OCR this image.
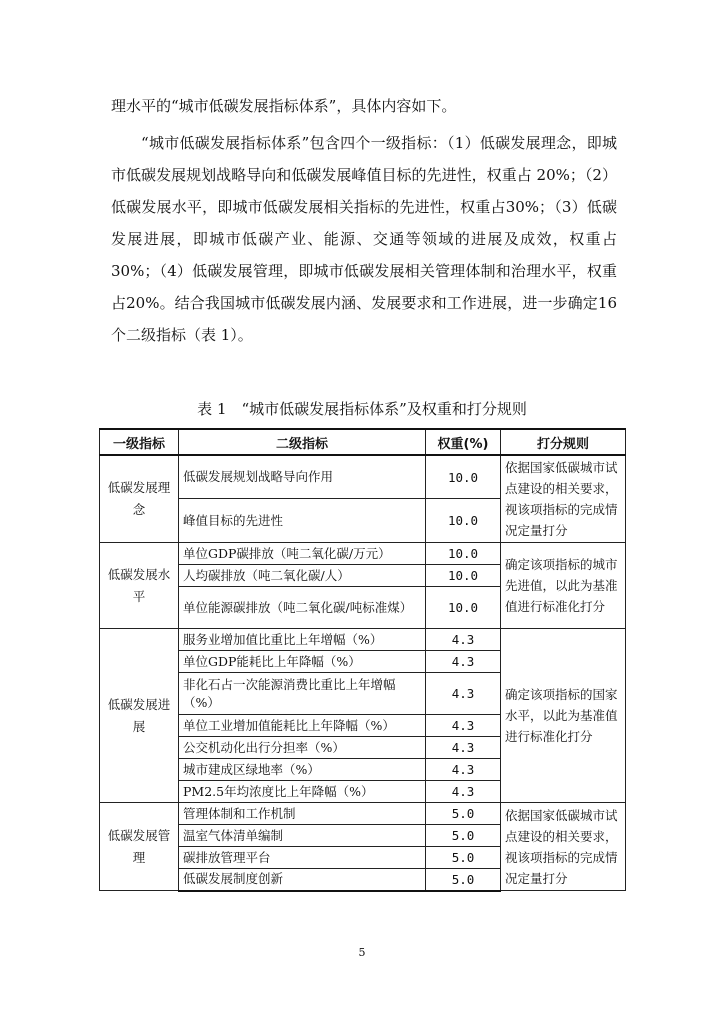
理水平的“城市低碳发展指标体系”，具体内容如下。

“城市低碳发展指标体系”包含四个一级指标：（1）低碳发展理念，即城市低碳发展规划战略导向和低碳发展峰值目标的先进性，权重占 20%；（2）低碳发展水平，即城市低碳发展相关指标的先进性，权重占30%；（3）低碳发展进展，即城市低碳产业、能源、交通等领域的进展及成效，权重占30%；（4）低碳发展管理，即城市低碳发展相关管理体制和治理水平，权重占20%。结合我国城市低碳发展内涵、发展要求和工作进展，进一步确定16 个二级指标（表 1）。

表 1　“城市低碳发展指标体系”及权重和打分规则
一级指标	二级指标	权重(%)	打分规则
低碳发展理念	低碳发展规划战略导向作用	10.0	依据国家低碳城市试点建设的相关要求，视该项指标的完成情况定量打分
	峰值目标的先进性	10.0	
低碳发展水平	单位GDP碳排放（吨二氧化碳/万元）	10.0	确定该项指标的城市先进值，以此为基准值进行标准化打分
	人均碳排放（吨二氧化碳/人）	10.0	
	单位能源碳排放（吨二氧化碳/吨标准煤）	10.0	
低碳发展进展	服务业增加值比重比上年增幅（%）	4.3	确定该项指标的国家水平，以此为基准值进行标准化打分
	单位GDP能耗比上年降幅（%）	4.3	
	非化石占一次能源消费比重比上年增幅（%）	4.3	
	单位工业增加值能耗比上年降幅（%）	4.3	
	公交机动化出行分担率（%）	4.3	
	城市建成区绿地率（%）	4.3	
	PM2.5年均浓度比上年降幅（%）	4.3	
低碳发展管理	管理体制和工作机制	5.0	依据国家低碳城市试点建设的相关要求，视该项指标的完成情况定量打分
	温室气体清单编制	5.0	
	碳排放管理平台	5.0	
	低碳发展制度创新	5.0	
5
